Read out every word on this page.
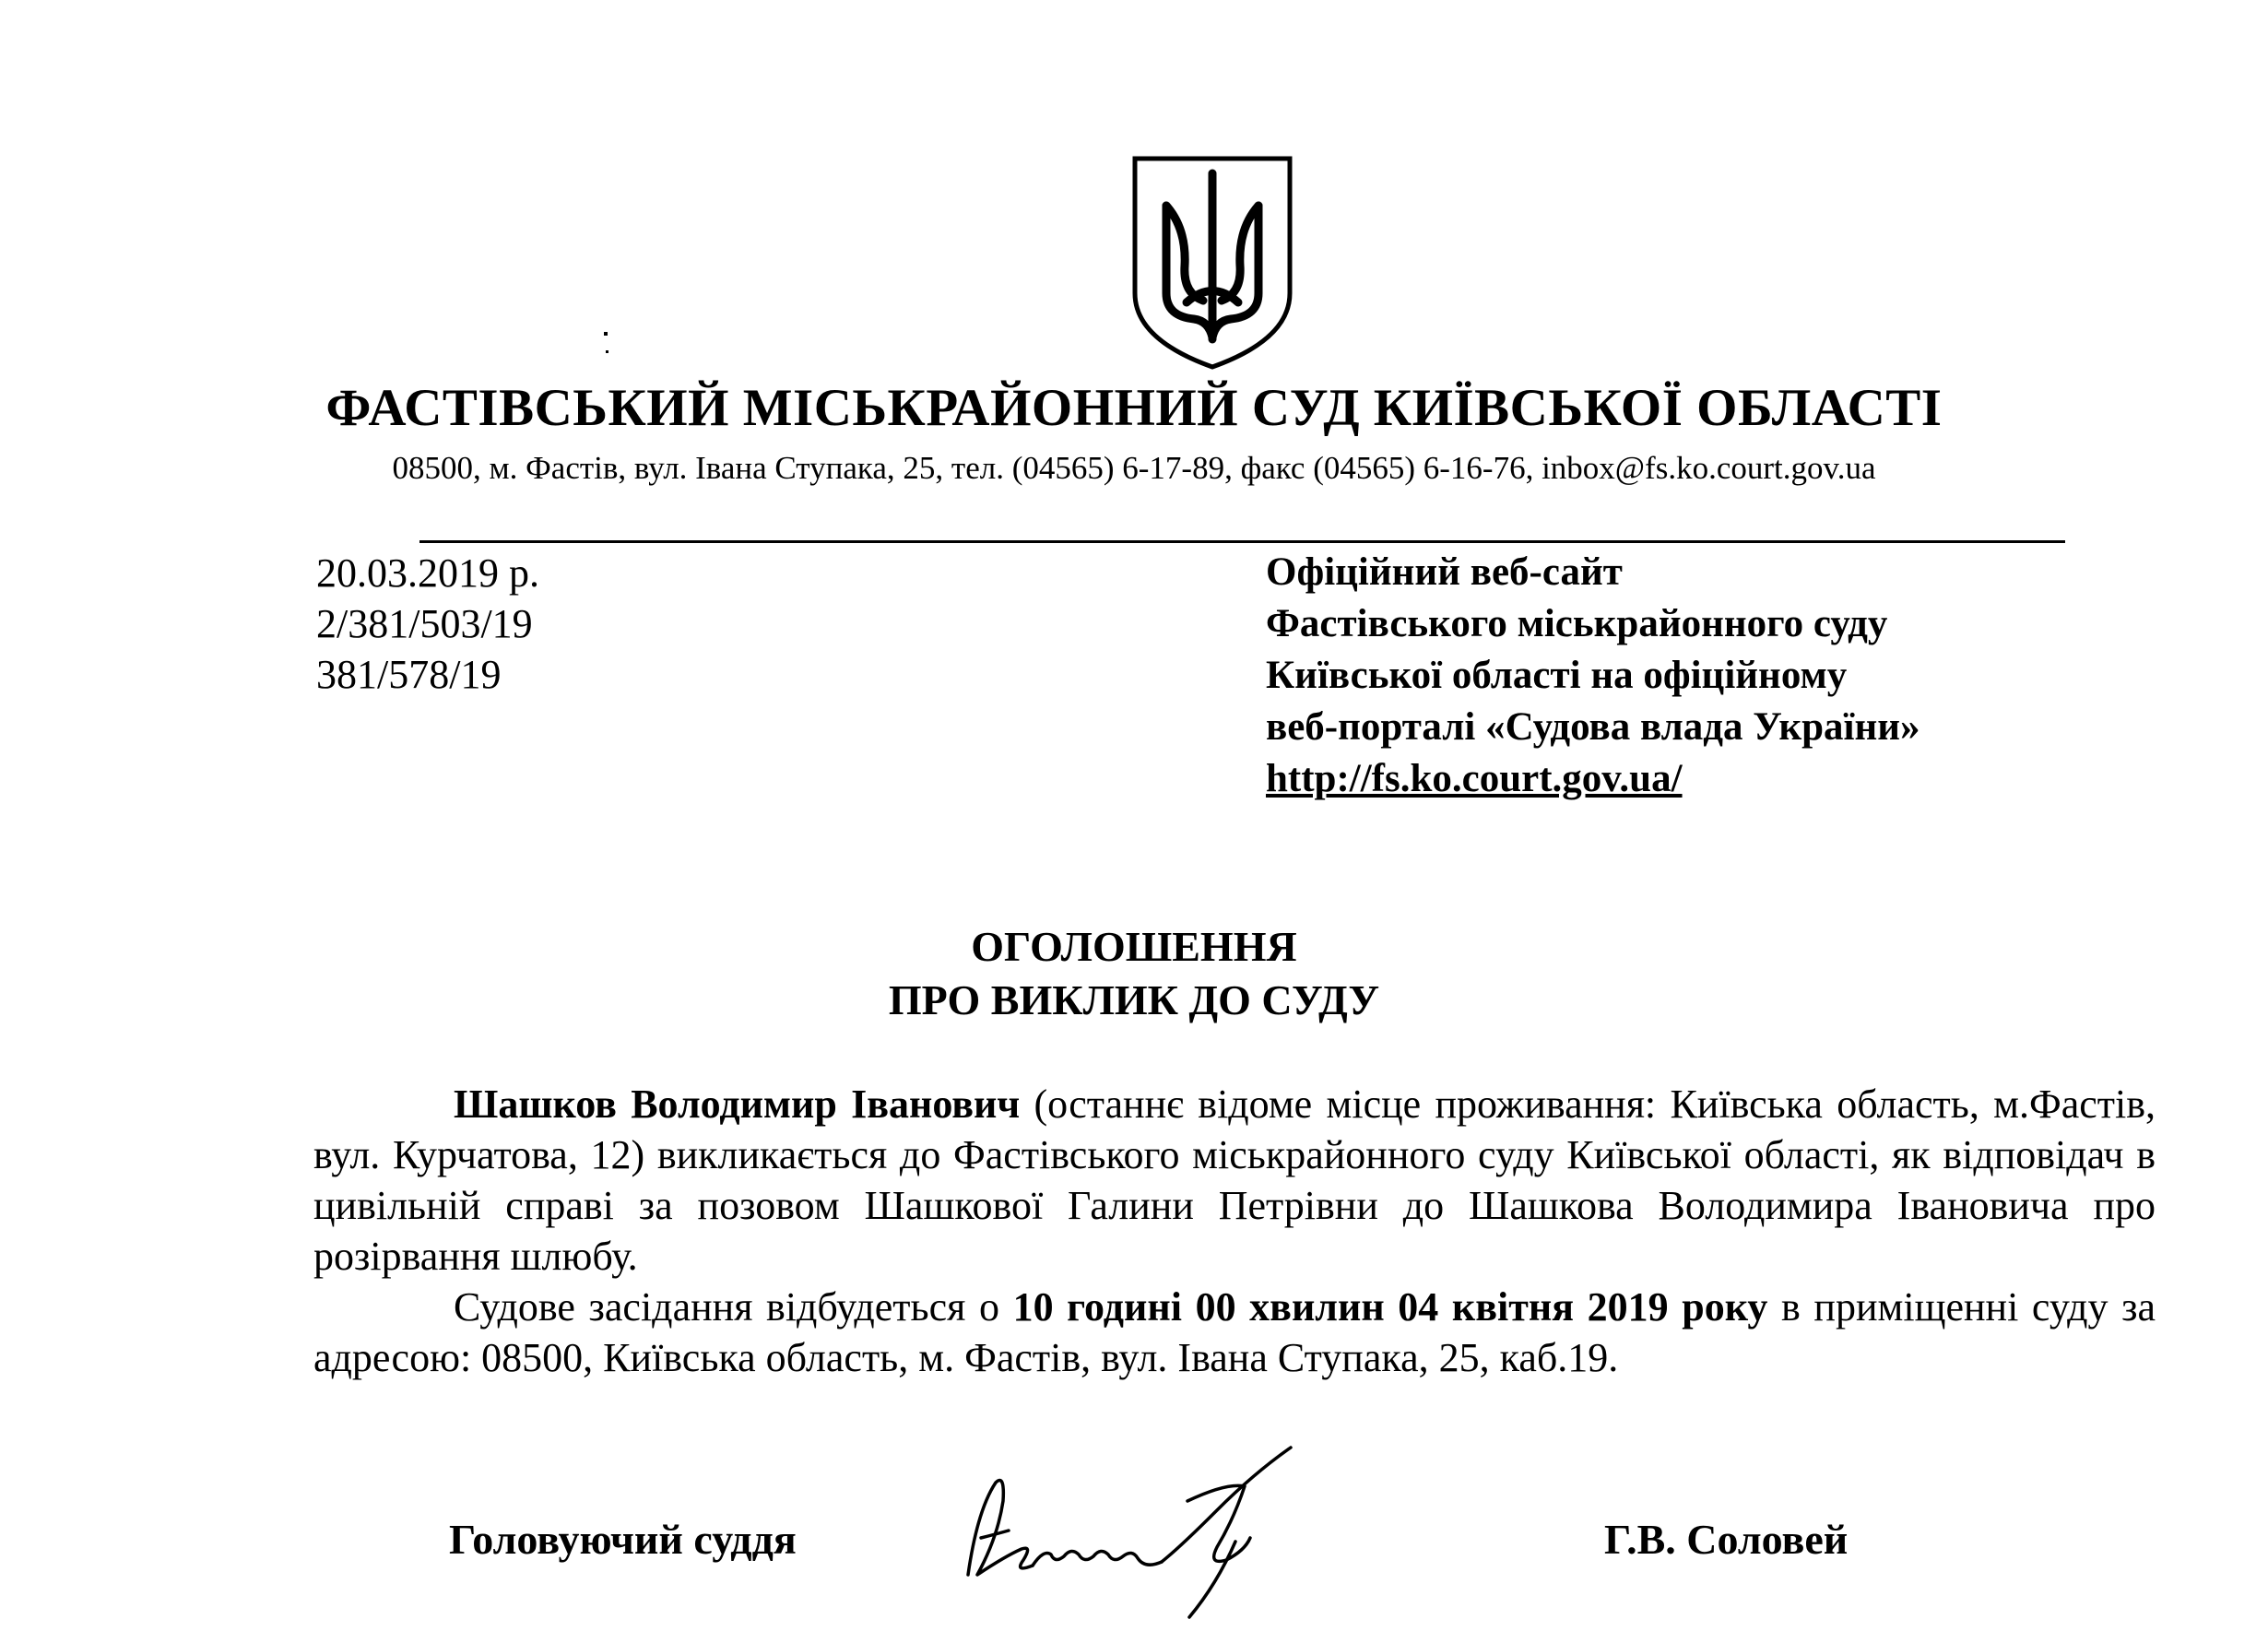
ФАСТІВСЬКИЙ МІСЬКРАЙОННИЙ СУД КИЇВСЬКОЇ ОБЛАСТІ
08500, м. Фастів, вул. Івана Ступака, 25, тел. (04565) 6-17-89, факс (04565) 6-16-76, inbox@fs.ko.court.gov.ua
20.03.2019 р.
2/381/503/19
381/578/19
Офіційний веб-сайт
Фастівського міськрайонного суду
Київської області на офіційному
веб-порталі «Судова влада України»
http://fs.ko.court.gov.ua/
ОГОЛОШЕННЯ
ПРО ВИКЛИК ДО СУДУ

Шашков Володимир Іванович (останнє відоме місце проживання: Київська область, м.Фастів, вул. Курчатова, 12) викликається до Фастівського міськрайонного суду Київської області, як відповідач в цивільній справі за позовом Шашкової Галини Петрівни до Шашкова Володимира Івановича про розірвання шлюбу.

Судове засідання відбудеться о 10 годині 00 хвилин 04 квітня 2019 року в приміщенні суду за адресою: 08500, Київська область, м. Фастів, вул. Івана Ступака, 25, каб.19.

Головуючий суддя	Г.В. Соловей
